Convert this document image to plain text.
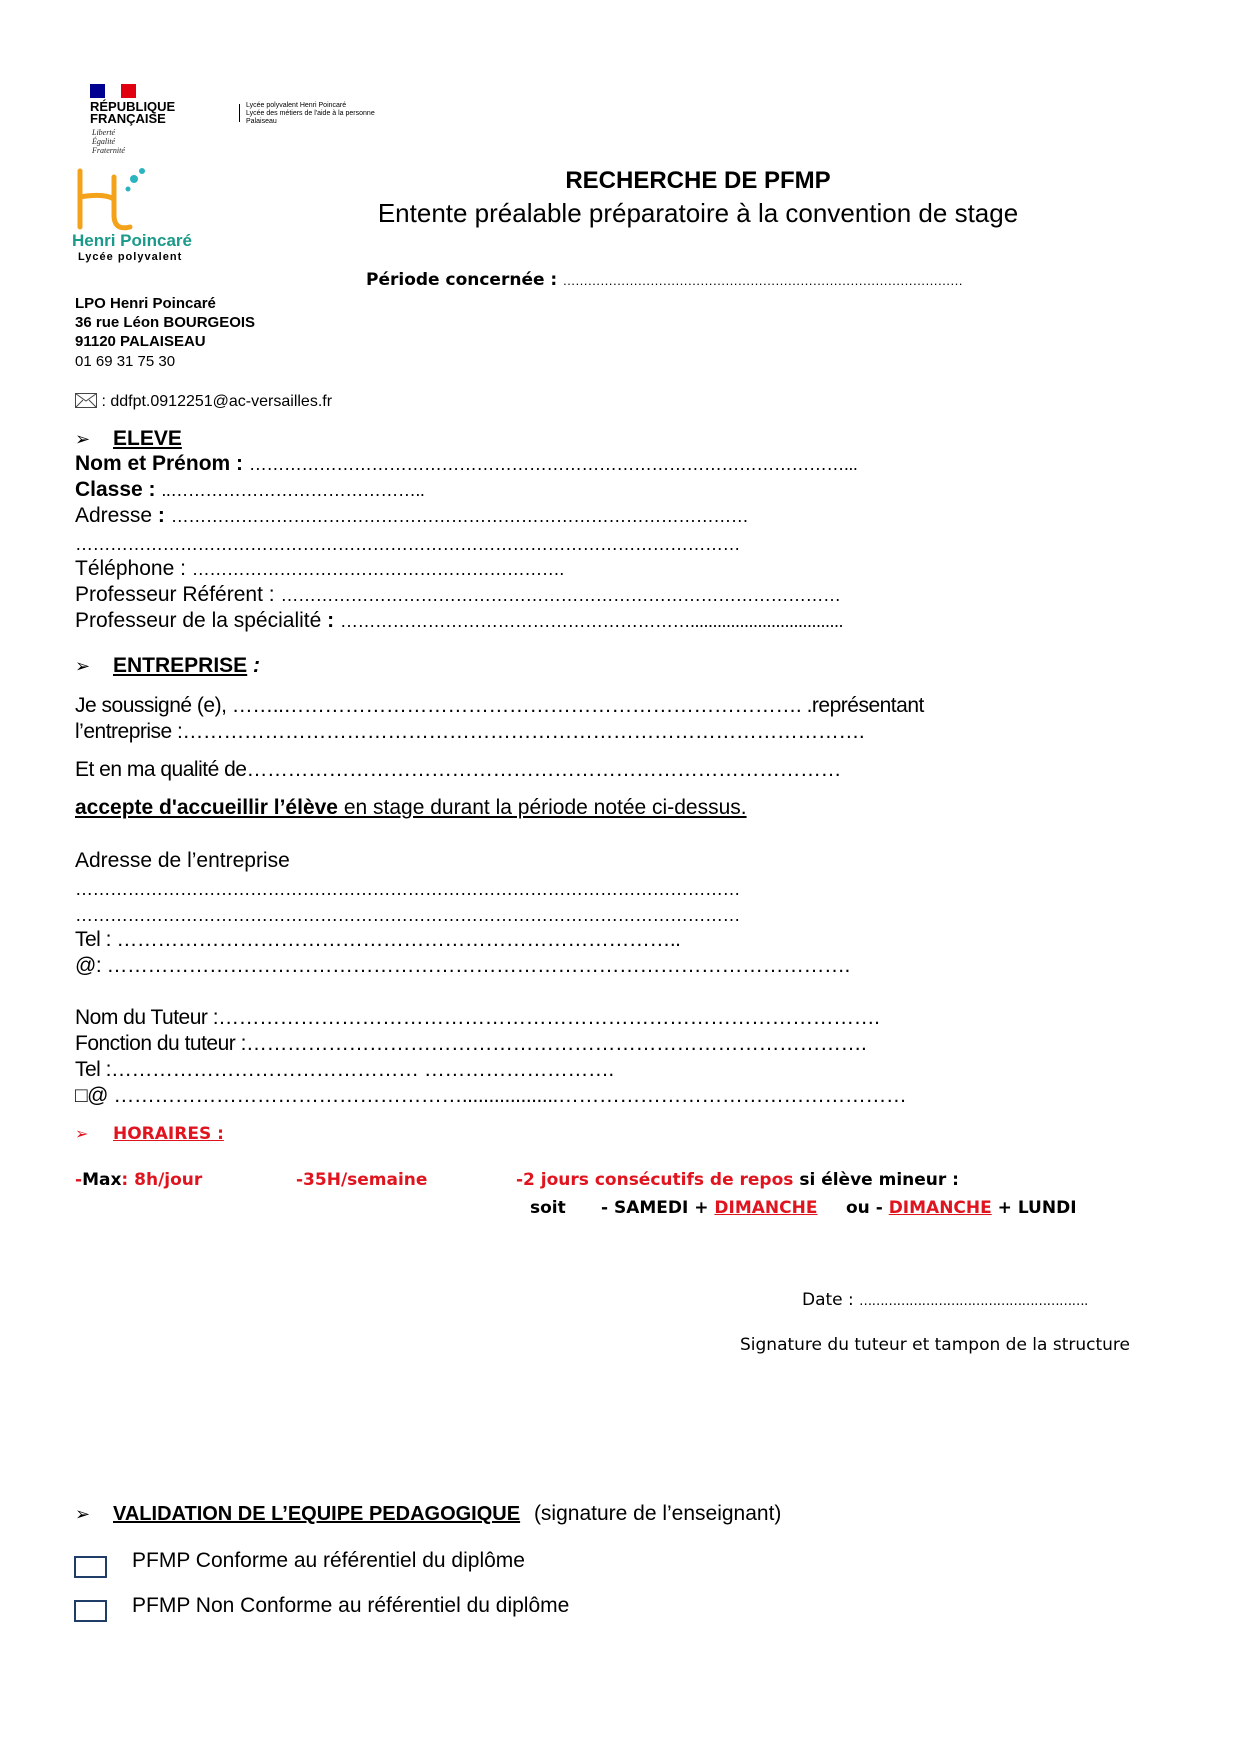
RÉPUBLIQUE
FRANÇAISE
Liberté
Égalité
Fraternité
Lycée polyvalent Henri Poincaré
Lycée des métiers de l'aide à la personne
Palaiseau
Henri Poincaré
Lycée polyvalent
RECHERCHE DE PFMP
Entente préalable préparatoire à la convention de stage
Période concernée : ……………………………………………………………………………………
LPO Henri Poincaré
36 rue Léon BOURGEOIS
91120 PALAISEAU
01 69 31 75 30
: ddfpt.0912251@ac-versailles.fr
➢ ELEVE
Nom et Prénom : …………………………………………………………………………………………...
Classe : ..……………………………………..
Adresse : ………………………………………………………………………………………
……………………………………………………………………………………………………
Téléphone : ……………………………………………………….
Professeur Référent : ……………………………………………………………………………………
Professeur de la spécialité : ……………………………………………………..................................
➢ ENTREPRISE :
Je soussigné (e), ……..…………………………………………………………………. .représentant
l’entreprise :……………………………………………………………………………………….
Et en ma qualité de……………………………………………………………………………
accepte d'accueillir l’élève en stage durant la période notée ci-dessus.
Adresse de l’entreprise
……………………………………………………………………………………………………
……………………………………………………………………………………………………
Tel : ………………………………………………………………………..
@: ……………………………………………………………………………………………….
Nom du Tuteur :…………………………………………………………………………………….
Fonction du tuteur :……………………………………………………………………………….
Tel :……………………………………… ……………………….
□@ ……………………………………………..................……………………………………………
➢ HORAIRES :
-Max: 8h/jour	-35H/semaine	-2 jours consécutifs de repos si élève mineur :
soit - SAMEDI + DIMANCHE ou - DIMANCHE + LUNDI
Date : ……………………………………………….
Signature du tuteur et tampon de la structure
➢ VALIDATION DE L’EQUIPE PEDAGOGIQUE (signature de l’enseignant)
PFMP Conforme au référentiel du diplôme
PFMP Non Conforme au référentiel du diplôme
